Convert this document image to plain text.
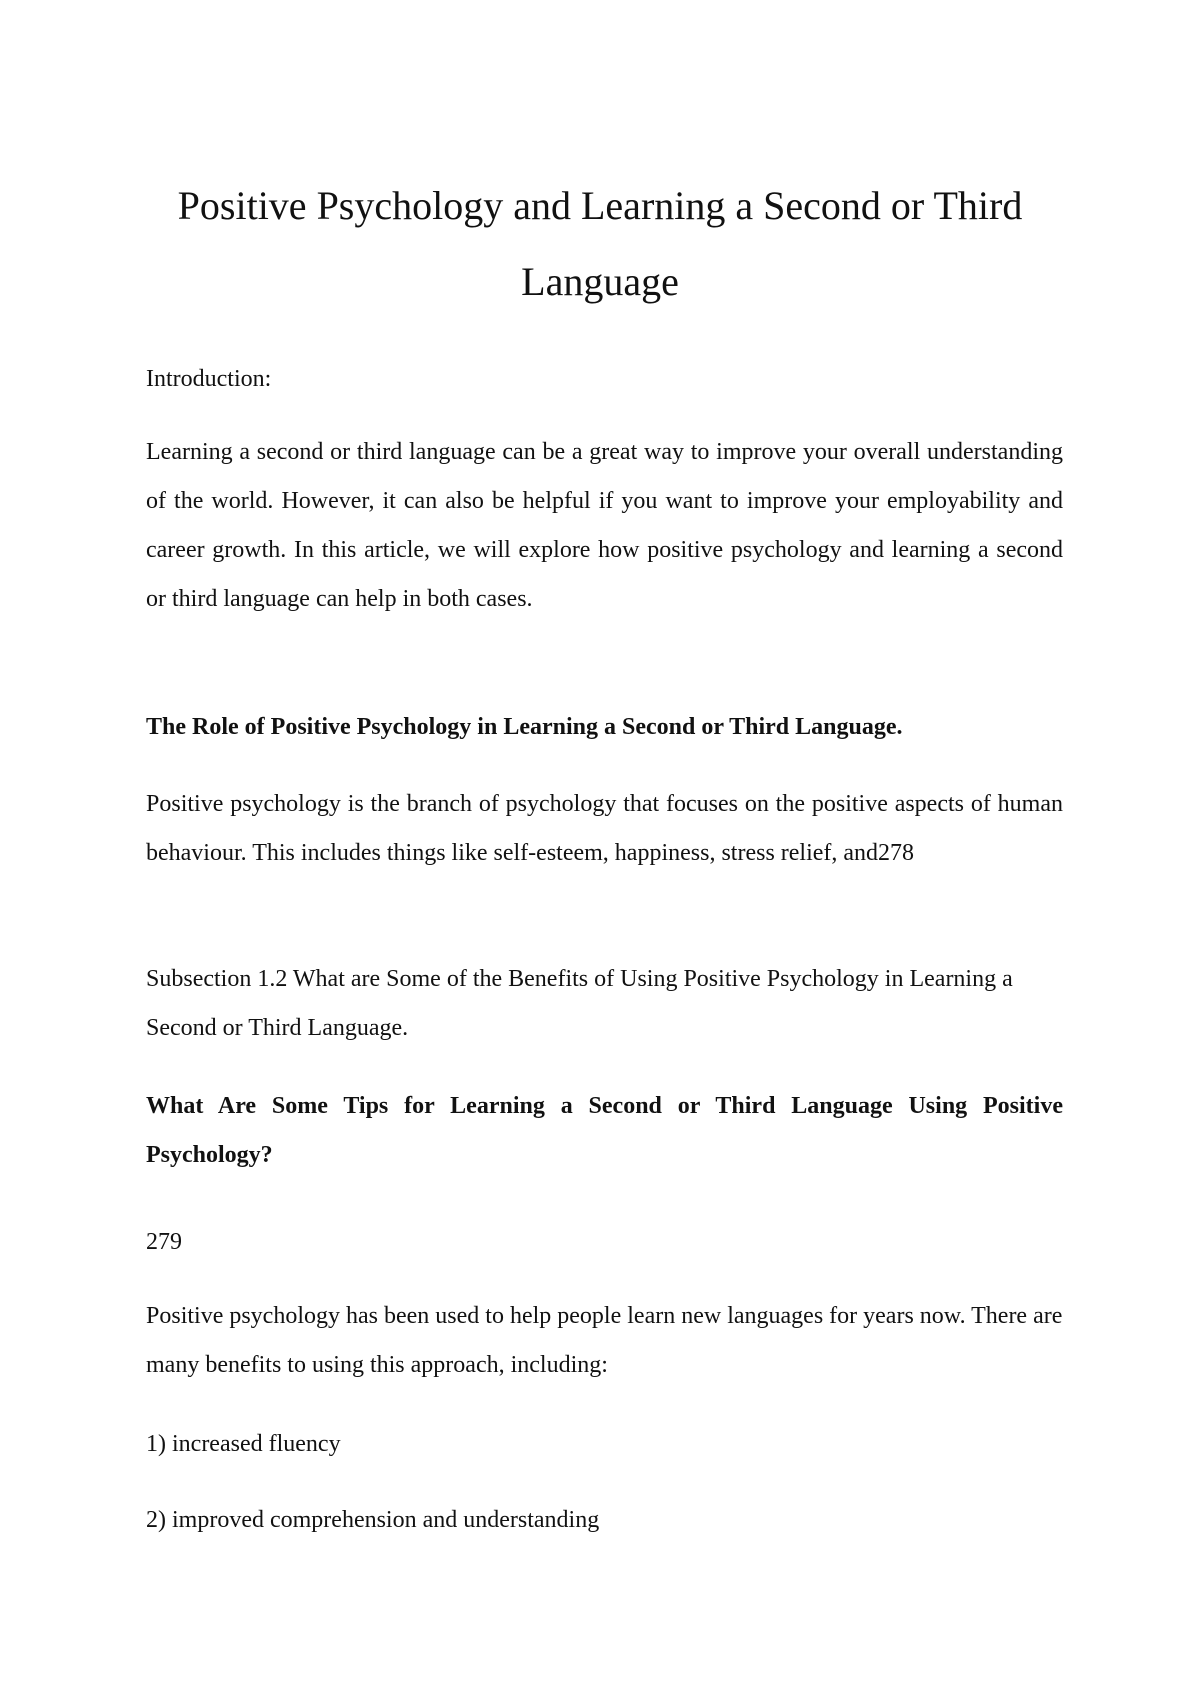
Positive Psychology and Learning a Second or Third Language

Introduction:

Learning a second or third language can be a great way to improve your overall understanding of the world. However, it can also be helpful if you want to improve your employability and career growth. In this article, we will explore how positive psychology and learning a second or third language can help in both cases.

The Role of Positive Psychology in Learning a Second or Third Language.

Positive psychology is the branch of psychology that focuses on the positive aspects of human behaviour. This includes things like self-esteem, happiness, stress relief, and278

Subsection 1.2 What are Some of the Benefits of Using Positive Psychology in Learning a Second or Third Language.

What Are Some Tips for Learning a Second or Third Language Using Positive Psychology?

279

Positive psychology has been used to help people learn new languages for years now. There are many benefits to using this approach, including:

1) increased fluency

2) improved comprehension and understanding
